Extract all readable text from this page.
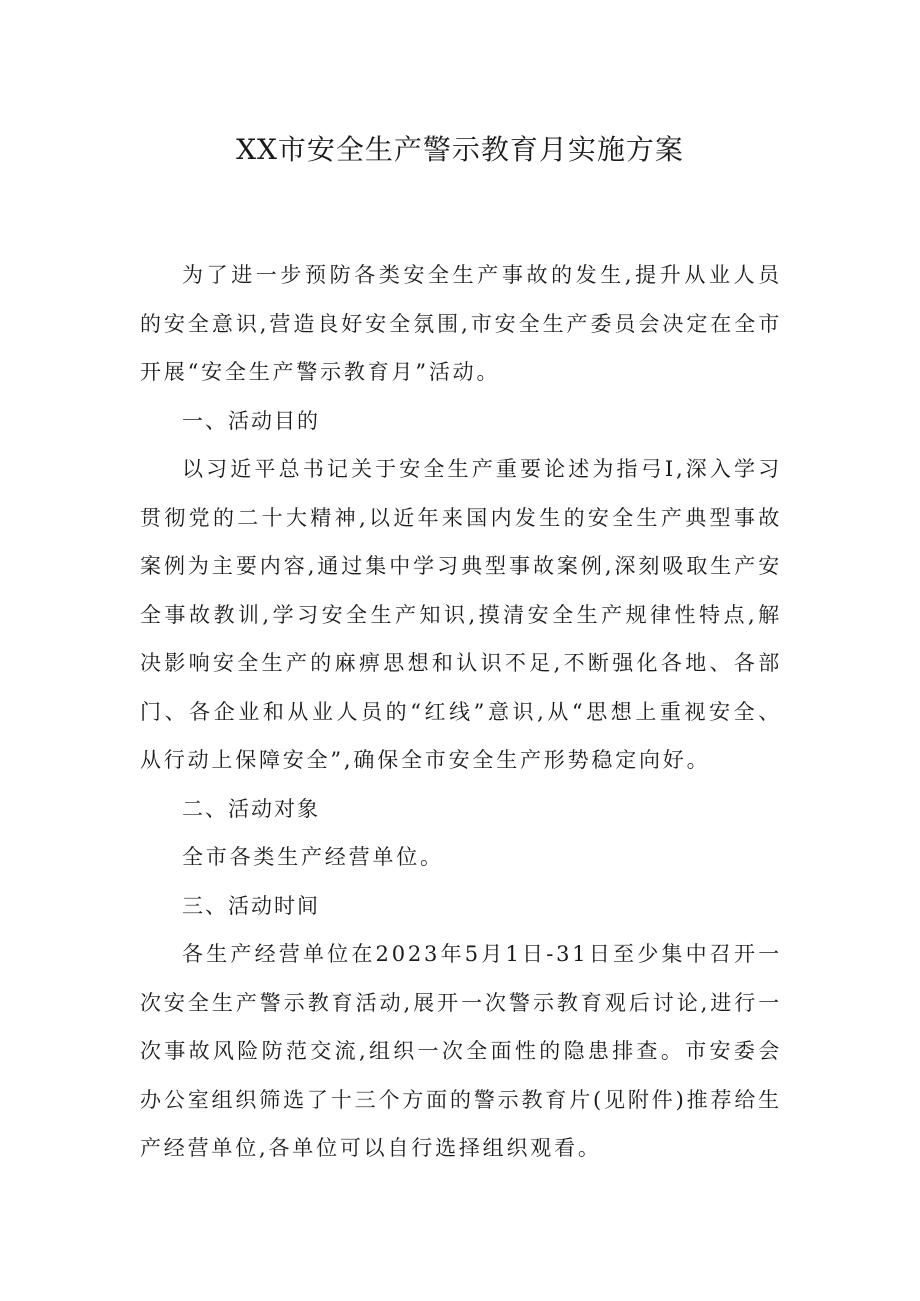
XX市安全生产警示教育月实施方案

为了进一步预防各类安全生产事故的发生,提升从业人员的安全意识,营造良好安全氛围,市安全生产委员会决定在全市开展“安全生产警示教育月”活动。

一、活动目的

以习近平总书记关于安全生产重要论述为指弓I,深入学习贯彻党的二十大精神,以近年来国内发生的安全生产典型事故案例为主要内容,通过集中学习典型事故案例,深刻吸取生产安全事故教训,学习安全生产知识,摸清安全生产规律性特点,解决影响安全生产的麻痹思想和认识不足,不断强化各地、各部门、各企业和从业人员的“红线”意识,从“思想上重视安全、从行动上保障安全”,确保全市安全生产形势稳定向好。

二、活动对象

全市各类生产经营单位。

三、活动时间

各生产经营单位在2023年5月1日-31日至少集中召开一次安全生产警示教育活动,展开一次警示教育观后讨论,进行一次事故风险防范交流,组织一次全面性的隐患排查。市安委会办公室组织筛选了十三个方面的警示教育片(见附件)推荐给生产经营单位,各单位可以自行选择组织观看。
